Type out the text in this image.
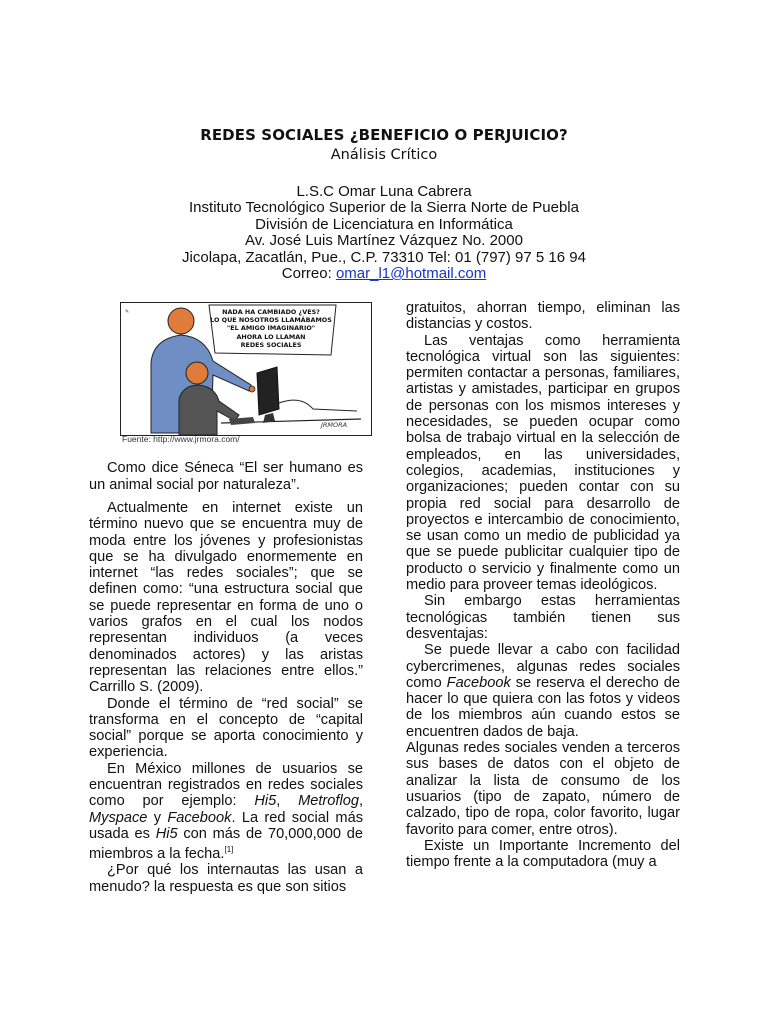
REDES SOCIALES ¿BENEFICIO O PERJUICIO?
Análisis Crítico
L.S.C Omar Luna Cabrera
Instituto Tecnológico Superior de la Sierra Norte de Puebla
División de Licenciatura en Informática
Av. José Luis Martínez Vázquez No. 2000
Jicolapa, Zacatlán, Pue., C.P. 73310 Tel: 01 (797) 97 5 16 94
Correo: omar_l1@hotmail.com
NADA HA CAMBIADO ¿VES?
LO QUE NOSOTROS LLAMÁBAMOS
"EL AMIGO IMAGINARIO"
AHORA LO LLAMAN
REDES SOCIALES
✎
JRMORA
Fuente: http://www.jrmora.com/

Como dice Séneca “El ser humano es un animal social por naturaleza”.

Actualmente en internet existe un término nuevo que se encuentra muy de moda entre los jóvenes y profesionistas que se ha divulgado enormemente en internet “las redes sociales”; que se definen como: “una estructura social que se puede representar en forma de uno o varios grafos en el cual los nodos representan individuos (a veces denominados actores) y las aristas representan las relaciones entre ellos.” Carrillo S. (2009).

Donde el término de “red social” se transforma en el concepto de “capital social” porque se aporta conocimiento y experiencia.

En México millones de usuarios se encuentran registrados en redes sociales como por ejemplo: Hi5, Metroflog, Myspace y Facebook. La red social más usada es Hi5 con más de 70,000,000 de miembros a la fecha.[1]

¿Por qué los internautas las usan a menudo? la respuesta es que son sitios

gratuitos, ahorran tiempo, eliminan las distancias y costos.

Las ventajas como herramienta tecnológica virtual son las siguientes: permiten contactar a personas, familiares, artistas y amistades, participar en grupos de personas con los mismos intereses y necesidades, se pueden ocupar como bolsa de trabajo virtual en la selección de empleados, en las universidades, colegios, academias, instituciones y organizaciones; pueden contar con su propia red social para desarrollo de proyectos e intercambio de conocimiento, se usan como un medio de publicidad ya que se puede publicitar cualquier tipo de producto o servicio y finalmente como un medio para proveer temas ideológicos.

Sin embargo estas herramientas tecnológicas también tienen sus desventajas:

Se puede llevar a cabo con facilidad cybercrimenes, algunas redes sociales como Facebook se reserva el derecho de hacer lo que quiera con las fotos y videos de los miembros aún cuando estos se encuentren dados de baja.

Algunas redes sociales venden a terceros sus bases de datos con el objeto de analizar la lista de consumo de los usuarios (tipo de zapato, número de calzado, tipo de ropa, color favorito, lugar favorito para comer, entre otros).

Existe un Importante Incremento del tiempo frente a la computadora (muy a
